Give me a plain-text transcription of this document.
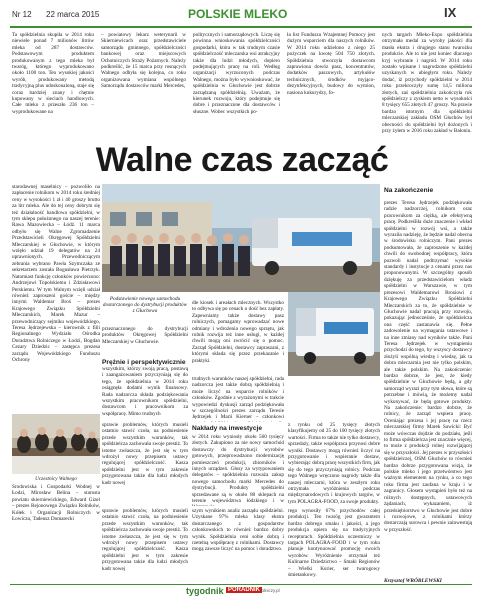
Nr 12 22 marca 2015	POLSKIE MLEKO	IX

Ta spółdzielnia skupiła w 2014 roku niewiele ponad 7 milionów litrów mleka od 287 dostawców. Podstawowym produktem produkowanym z tego mleka był twaróg, którego wyprodukowano około 1100 ton. Ten wysokiej jakości wyrób, produkowany metodą tradycyjną plus udoskonaloną, staje się coraz bardziej znany i chętnie kupowany w sieciach handlowych. Całe mleko z przeszło 236 ton – wyprodukowane na

– powiatowy lekarz weterynarii w Skierniewicach oraz przedstawiciele samorządu gminnego, spółdzielczości bankowej oraz miejscowych Ochotniczych Straży Pożarnych. Należy podkreślić, że 15 marca przy rosnących Walnego odbyła się kolejna, co roku organizowana wymiana wspólnego Samorządu dostawców marki Mercedes,

politycznych i samorządowych. Liczę się powinna wnioskowania spółdzielczości gospodarki, która w tak trudnym czasie spółdzielczość mleczarska wsi atrakcyjny także dla ludzi młodych, dopiero podejmujących pracę na roli. Według organizacji wyrzuconych podczas Walnego, można było wywnioskować, że spółdzielnia w Głuchowie jest dobrze zarządzaną spółdzielnią. Uważam, że kierunek rozwoju, który podejmuje się dobre i przeznaczone dla dostawców i słuszne. Wobec wszystkich po-

ła list Funduszu Wzajemnej Pomocy jest dużym wsparciem dla naszych rolników. W 2014 roku udzielono z niego 25 pożyczek na kwotę 504 750 złotych. Spółdzielnia stworzyła dostawcom zaprawiona dowóz pasz, koncentratów, dodatków paszowych, artykułów technicznych, środków myjąco-dezynfekcyjnych, budowy do wymion, nasiona kukurydzy, fo-

nych targach Mleko-Expo spółdzielnia otrzymała medal za wyroby jakości dla masła ekstra i drugiego stanu twarożku produkcie. Ale to nie jest koniec dlaczego kryj wybranie i nagród. W 2014 roku zostało wpisane i nagrodzone spółdzielni uzyskanych w ubiegłym roku. Należy dodać, iż przychody spółdzielni w 2014 roku przekroczyły sumę 14,5 miliona złotych, zaś spółdzielnia zakończyła rok spółdzielczy z zyskiem netto w wysokości 8 tysięcy 655 złotych 47 groszy. Na prawie bardzo istotnym dla spółdzielni mleczarskiej zakładu OSM Głuchów był obecności do spółdzielni był dożonych i przy żyłem w 2016 roku zakład w Bałoniu.

Walne czas zacząć

starodawnej maselnicy – pozwoliło na zapłacenie rolnikom w 2014 roku średniej ceny w wysokości 1 zł i 40 groszy brutto za litr mleka. Ale do tej ceny dobrym się też działalność handlowa spółdzielni, w tym sklepu położonego na naszej terenie: Rawa Mazowiecka – Łódź. 11 marca odbyło się Walne Zgromadzenie Przedstawicieli Okręgowej Spółdzielni Mleczarskiej w Głuchowie, w którym wzięło udział 19 delegatów na 24 uprawnionych. Przewodniczącym zebrania wybrano Pawła Szymczaka ze sekretarzem została Bogusława Pietrzyk. Natomiast funkcję członków powierzono: Andrzejowi Topolskiemu i Zdzisławowi Perskiemu. W tym Walnym wzięli udział również zaproszeni goście – między innymi Waldemar Broś – prezes Krajowego Związku Spółdzielni Mleczarskich, Marek Mazur – przewodniczący sejmiku wojewódzkiego, Teresa Jędrzejewska – kierownik z filii Regionalnego Wydziału Ośrodka Doradztwa Rolniczego w Łodzi, Bogdan Cezary Dziedzic – zastępca prezesa zarządu Wojewódzkiego Funduszu Ochrony

Uczestnicy Walnego

Środowiska i Gospodarki Wodnej w Łodzi, Mirosław Belina – starosta powiatu skierniewickiego, Edward Gizel – prezes Rejonowego Związku Rolników, Kółek i Organizacji Rolniczych w Łowiczu, Tadeusz Domarecki

Podstawienie nowego samochodu dostarczonego do dystrybucji produktów z Głuchowa

przeznaczonego do dystrybucji produktów Okręgowej Spółdzielni Mleczarskiej w Głuchowie.

Prężnie i perspektywicznie

wszystkim, którzy swoją pracą, postawą i zaangażowaniem przyczyniają się do tego, że spółdzielnia w 2014 roku osiągnęła dodatni wynik finansowy. Rada nadzorcza składa podziękowania wszystkim pracownikom spółdzielni, dostawcom i pracownikom za współpracę. Mimo trudnych

dle kiosek i areałach mlecznych. Wszystko to odbywa się po cenach o dość bez zapłaty. Zapewniamy także dostawy pasz rolniczych, pomagamy wprowadzać nowe odmiany i wdrożenia nowego sprzętu, jak rolnik rozwija też inne usługi, w każdej chwili mogą oni zwrócić się o pomoc. Zarząd Spółdzielni, dostawcy zapraszani, z którymi składa się przez przekazanie i praktyki.

trudnych warunków naszej spółdzielni, rada nadzorcza jest także dobrą spółdzielnią i może liczyć na wsparcie rolników i członków. Zgodnie z wyrażonymi w trakcie wypowiedzi dyskusji zarząd podziękowała w szczególności prezes zarządu Teresie Jędrzejek i Marii Kierner – członkowi

Na zakończenie

prezes Teresa Jędrzejek podziękowała radzie nadzorczej, rolnikom oraz pracownikom za ciężką, ale efektywną pracę. Podkreśliła duże znaczenie i wkład spółdzielni w rozwój wsi, a także wyraziła nadzieję, że będzie nadal obecna w środowisku rolniczym. Pani prezes podsumowała, że zaproszenie w każdej chwili do swobodnej współpracy, która pozwoli nadal podtrzymać wysokie standardy i instytucje z cenami przez nas proponowanymi. W szczególny sposób dziękuję za przedstawicielom władz spółdzielni w Warszawie, w tym prezesowi Waldemarowi Brosiowi z Krajowego Związku Spółdzielni Mleczarskich za to, że spółdzielnie w Głuchowie nadal pracują przy rozwoju, pokazując jednocześnie, że spółdzielcza ona część zastanawia się. Pełne zadowolenie na wymagania ustawowe i na inne zmiany nad wyników także. Pani Teresa Jędrzejek w wystąpieniu przychodzi do tego, by wszyscy dostawcy złożyli wspólną wiedzę i wiedzę, jak ta dobra mleczarnia jest nie tylko polskim, ale także polskim. Na zakończenie: bardzo dobrze, że jest, że kiedy spółdzielnie w Głuchowie będą, a gdy samorząd wyrazi przy tym słowa, które są potrzebne i mówią, że możemy nadal wykonywać, że będą gotowe produkty. Na zakończenie: bardzo dobrze, że rolnicy, że zarząd wspiera pracę. Oceniając prezesa i jej pracę na rzecz mleczarskiej firmy Marek Sawicki: Być może wówczas dojdzie do podziału, jeśli to firma spółdzielcza jest znacznie więcej, to może z produkcji rolnej rozwijającej się w przyszłości. Jej prezes w przyszłości spółdzielczej, OSM Głuchów to również bardzo dobrze przygotowana wizja, że polskie mleko i jego przetwórstwo jest ważnym elementem na rynku, a co tego roku firma jest zaufana w kraju i w zagranicy. Głosem wystąpień było też na różnych dostępnych, ustawowych żądaniach, wykazaniem, iż przedsiębiorstwo w Głuchowie jest dobre i rozwojowe, z rolnikami którzy dostarczają surowca i pewnie zainwestują w przyszłość.

Krzysztof WRÓBLEWSKI

sprawie problemów, których musieli ostatnio stawić czoła, na podniesienie przede wszystkim warunków, tak spółdzielcza zachowała swoje prestiż. To istotne zwłaszcza, że jest się w tym wdrożył nowy przepisem ustawy regulującej spółdzielczość. Kasza spółdzielni jest w tym zakresie przygotowana także dla ludzi młodych kadr nowej

Nakłady na inwestycje

w 2014 roku wyniosły około 560 tysięcy złotych. Zakupiono za nie nowy samochód dostawczy do dystrybucji wyrobów gotowych, przeprowadzono modernizację pomieszczeń produkcji, zbiorników i innych urządzeń. Głosy za wytypowaniem delegatów – spółdzielnia rozważa zakup nowego samochodu marki Mercedes do dystrybucji. Produkty spółdzielni sprzedawane są w około 80 sklepach na terenie województwa łódzkiego i w

z rynku od 25 tysięcy złotych klasyfikujemy od 25 do 100 tysięcy złotych wartości. Firma to także nie tylko dostawcy, sprzedaży, także współpraca przynosi dobre wyniki. Dostawcy mogą również liczyć na przygotowanie i wspieranie dostaw, wybierając dobrą pracę wszystkich firm, jak się do tego przyczyniają rolnicy. Podczas tego Walnego wręczono nagrody także dla naszej mleczarni, która w zeszłym roku otrzymała wyróżnienia podczas międzynarodowych i krajowych targów, w tym POLAGRA-FOOD, za swoje produkty.

sprawie problemów, których musieli ostatnio stawić czoła, na podniesienie przede wszystkim warunków, tak spółdzielcza zachowała swoje prestiż. To istotne zwłaszcza, że jest się w tym wdrożył nowy przepisem ustawy regulującej spółdzielczość. Kasza spółdzielni jest w tym zakresie przygotowana także dla ludzi młodych kadr nowej

szym wynikiem analiz zarządu spółdzielni. Uzyskane 97% mleka klasy ekstra dostarczanego z gospodarstw członkowskich to również bardzo dobry wynik. Spółdzielnia ceni sobie dobrą i rzetelną współpracę z rolnikami. Dostawcy mogą zawsze liczyć na pomoc i doradztwo.

rego wynosiły 67% przychodów całej produkcji. Ten twaróg jest gwarantem bardzo dobrego smaku i jakości, a jego produkcja opiera się na tradycyjnych recepturach. Spółdzielnia uczestniczy w targach POLAGRA-FOOD i w tym roku planuje kontynuować promocję swoich wyrobów. Wyróżnienie otrzymał też Kulinarne Dziedzictwo – Smaki Regionów – Wielki Kurier, ser twarogowy śmietankowy.

tygodnik PORADNIK rolniczy.pl
